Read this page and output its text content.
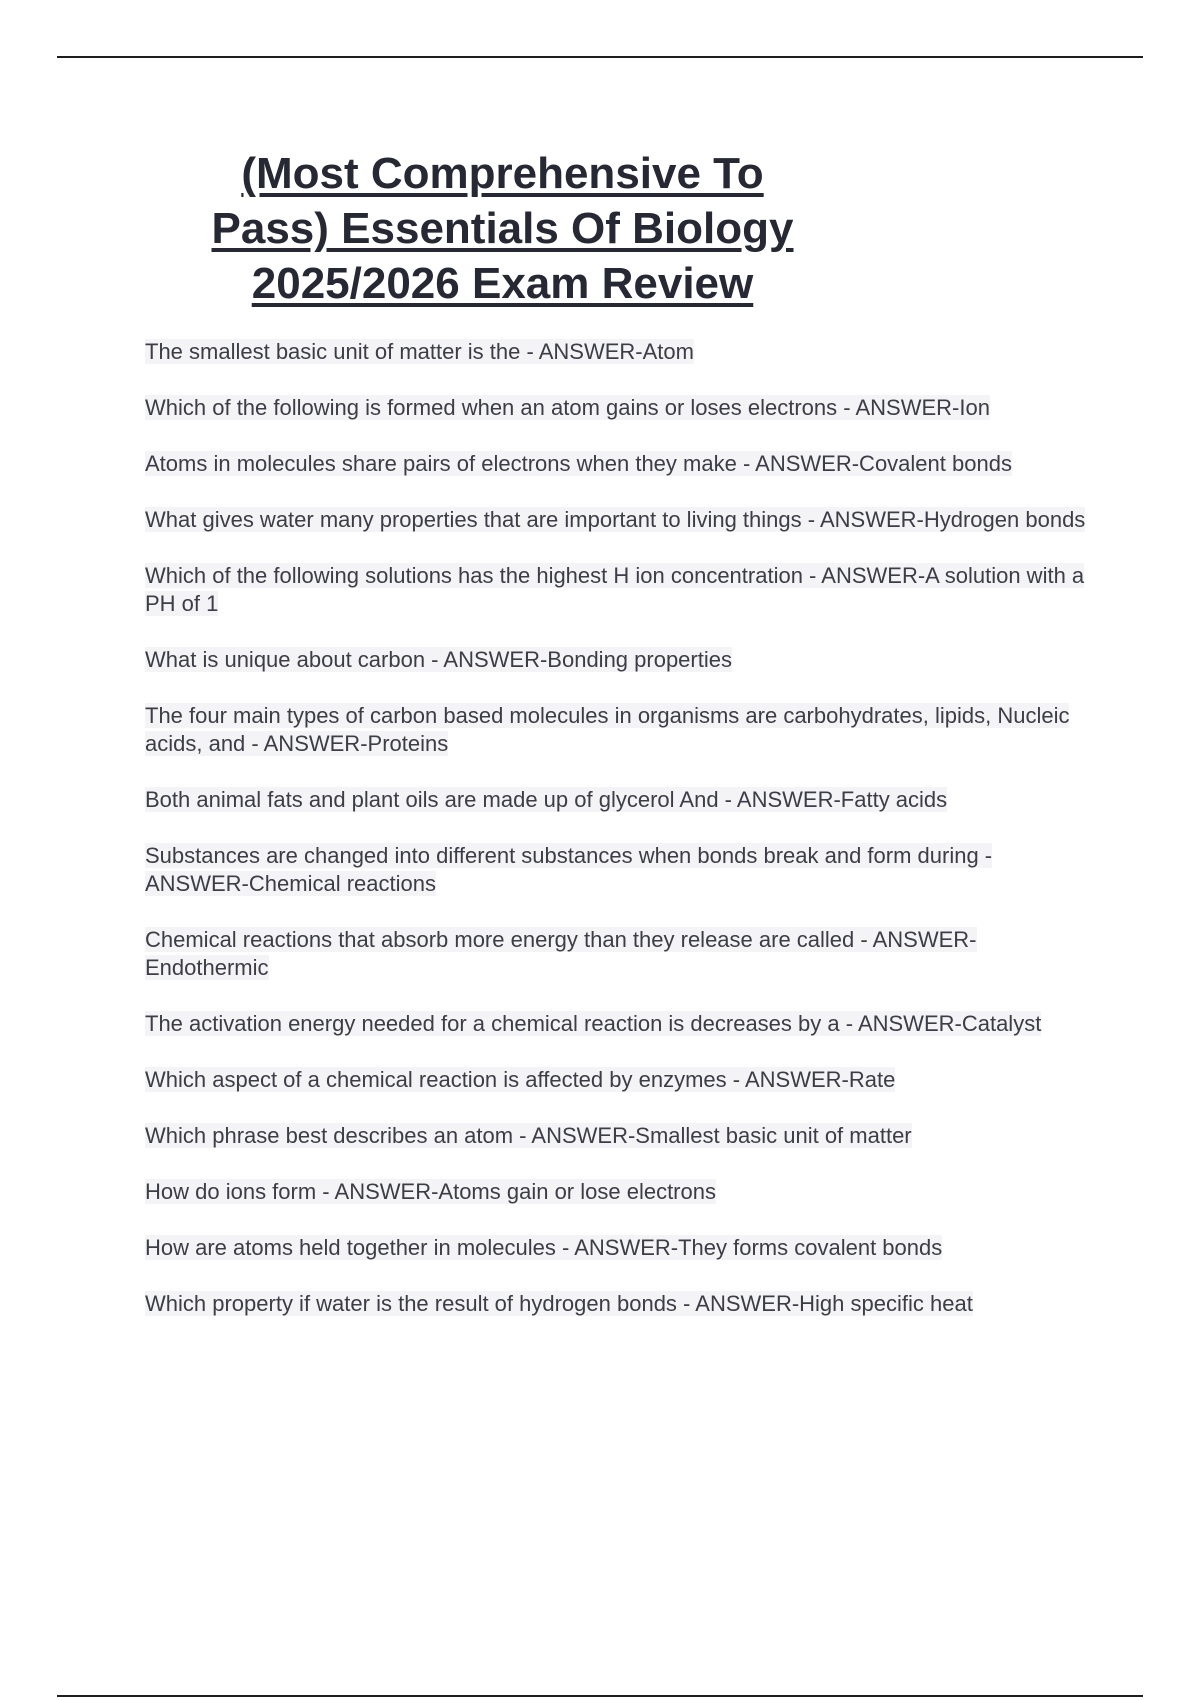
(Most Comprehensive To
Pass) Essentials Of Biology
2025/2026 Exam Review
The smallest basic unit of matter is the - ANSWER-Atom
Which of the following is formed when an atom gains or loses electrons - ANSWER-Ion
Atoms in molecules share pairs of electrons when they make - ANSWER-Covalent bonds
What gives water many properties that are important to living things - ANSWER-Hydrogen bonds
Which of the following solutions has the highest H ion concentration - ANSWER-A solution with a PH of 1
What is unique about carbon - ANSWER-Bonding properties
The four main types of carbon based molecules in organisms are carbohydrates, lipids, Nucleic acids, and - ANSWER-Proteins
Both animal fats and plant oils are made up of glycerol And - ANSWER-Fatty acids
Substances are changed into different substances when bonds break and form during - ANSWER-Chemical reactions
Chemical reactions that absorb more energy than they release are called - ANSWER-Endothermic
The activation energy needed for a chemical reaction is decreases by a - ANSWER-Catalyst
Which aspect of a chemical reaction is affected by enzymes - ANSWER-Rate
Which phrase best describes an atom - ANSWER-Smallest basic unit of matter
How do ions form - ANSWER-Atoms gain or lose electrons
How are atoms held together in molecules - ANSWER-They forms covalent bonds
Which property if water is the result of hydrogen bonds - ANSWER-High specific heat
